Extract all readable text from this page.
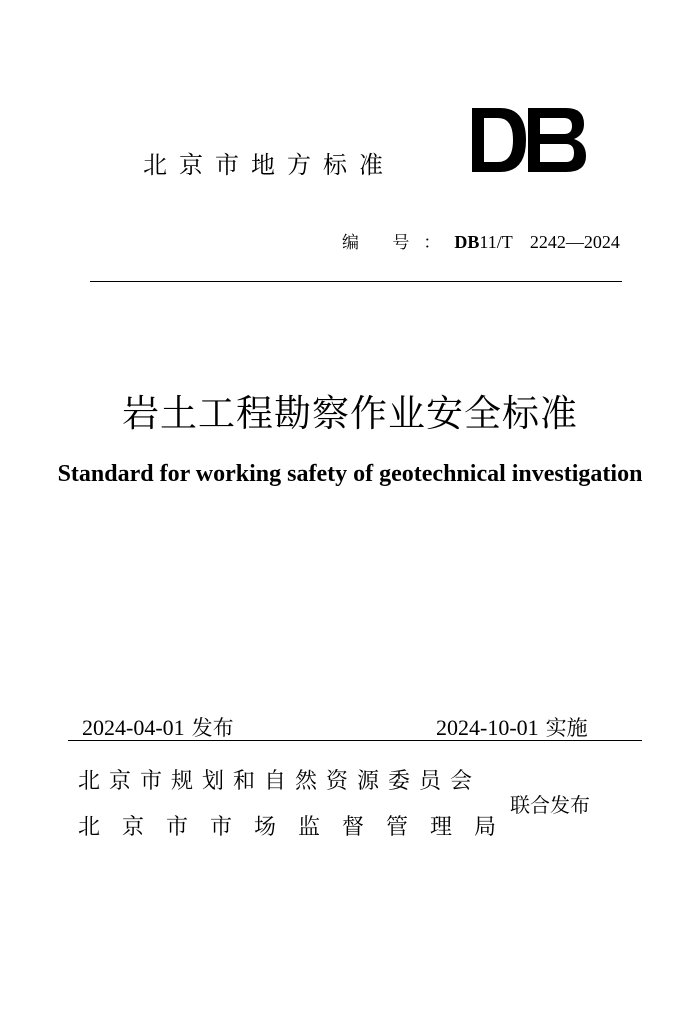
北京市地方标准
编 号：DB11/T 2242—2024
岩土工程勘察作业安全标准
Standard for working safety of geotechnical investigation
2024-04-01 发布	2024-10-01 实施
北京市规划和自然资源委员会
北 京 市 市 场 监 督 管 理 局
联合发布
